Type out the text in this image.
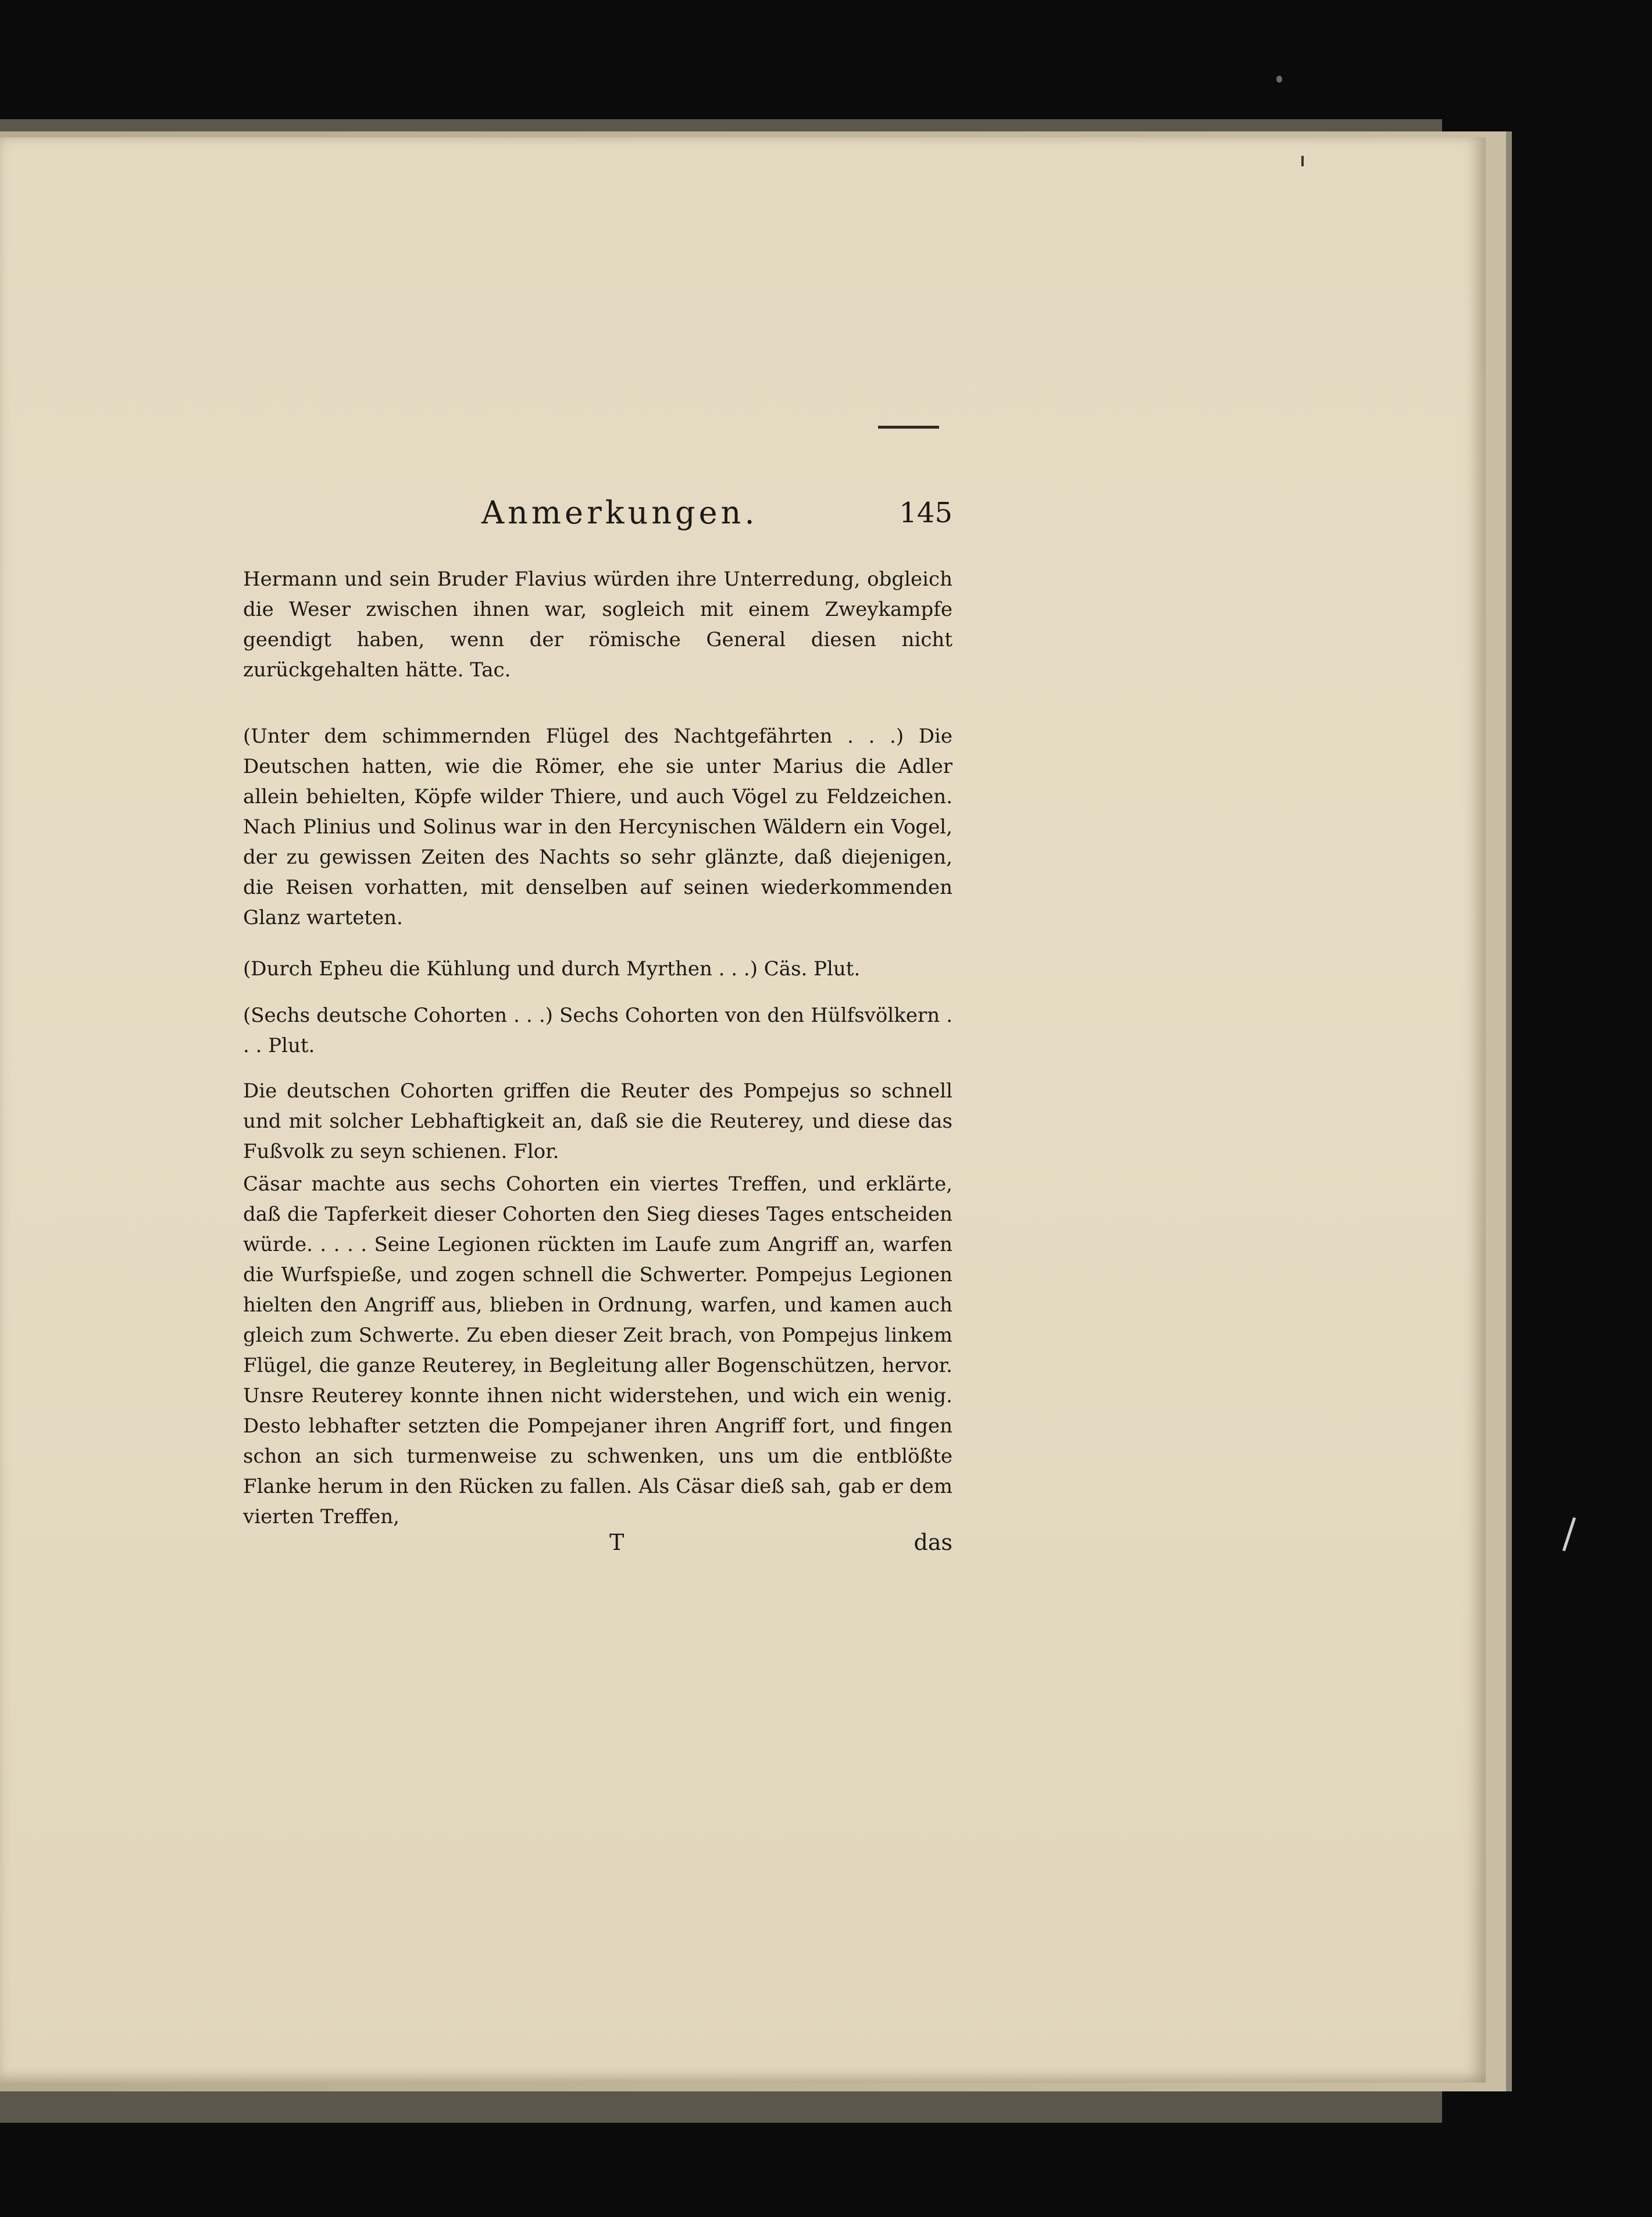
Anmerkungen.	145

Hermann und sein Bruder Flavius würden ihre Unterredung, obgleich die Weser zwischen ihnen war, sogleich mit einem Zweykampfe geendigt haben, wenn der römische General diesen nicht zurückgehalten hätte. Tac.

(Unter dem schimmernden Flügel des Nachtgefährten . . .) Die Deutschen hatten, wie die Römer, ehe sie unter Marius die Adler allein behielten, Köpfe wilder Thiere, und auch Vögel zu Feldzeichen. Nach Plinius und Solinus war in den Hercynischen Wäldern ein Vogel, der zu gewissen Zeiten des Nachts so sehr glänzte, daß diejenigen, die Reisen vorhatten, mit denselben auf seinen wiederkommenden Glanz warteten.

(Durch Epheu die Kühlung und durch Myrthen . . .) Cäs. Plut.

(Sechs deutsche Cohorten . . .) Sechs Cohorten von den Hülfsvölkern . . . Plut.

Die deutschen Cohorten griffen die Reuter des Pompejus so schnell und mit solcher Lebhaftigkeit an, daß sie die Reuterey, und diese das Fußvolk zu seyn schienen. Flor.

Cäsar machte aus sechs Cohorten ein viertes Treffen, und erklärte, daß die Tapferkeit dieser Cohorten den Sieg dieses Tages entscheiden würde. . . . . Seine Legionen rückten im Laufe zum Angriff an, warfen die Wurfspieße, und zogen schnell die Schwerter. Pompejus Legionen hielten den Angriff aus, blieben in Ordnung, warfen, und kamen auch gleich zum Schwerte. Zu eben dieser Zeit brach, von Pompejus linkem Flügel, die ganze Reuterey, in Begleitung aller Bogenschützen, hervor. Unsre Reuterey konnte ihnen nicht widerstehen, und wich ein wenig. Desto lebhafter setzten die Pompejaner ihren Angriff fort, und fingen schon an sich turmenweise zu schwenken, uns um die entblößte Flanke herum in den Rücken zu fallen. Als Cäsar dieß sah, gab er dem vierten Treffen,

T	das
